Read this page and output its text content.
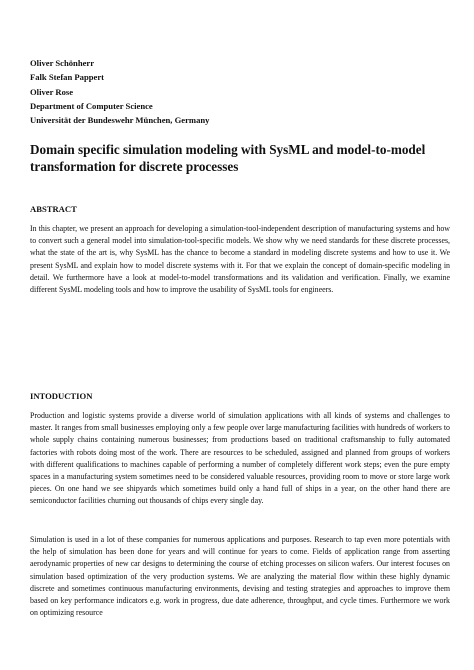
Oliver Schönherr
Falk Stefan Pappert
Oliver Rose
Department of Computer Science
Universität der Bundeswehr München, Germany
Domain specific simulation modeling with SysML and model-to-model transformation for discrete processes
ABSTRACT
In this chapter, we present an approach for developing a simulation-tool-independent description of manufacturing systems and how to convert such a general model into simulation-tool-specific models. We show why we need standards for these discrete processes, what the state of the art is, why SysML has the chance to become a standard in modeling discrete systems and how to use it. We present SysML and explain how to model discrete systems with it. For that we explain the concept of domain-specific modeling in detail. We furthermore have a look at model-to-model transformations and its validation and verification. Finally, we examine different SysML modeling tools and how to improve the usability of SysML tools for engineers.
INTODUCTION
Production and logistic systems provide a diverse world of simulation applications with all kinds of systems and challenges to master. It ranges from small businesses employing only a few people over large manufacturing facilities with hundreds of workers to whole supply chains containing numerous businesses; from productions based on traditional craftsmanship to fully automated factories with robots doing most of the work. There are resources to be scheduled, assigned and planned from groups of workers with different qualifications to machines capable of performing a number of completely different work steps; even the pure empty spaces in a manufacturing system sometimes need to be considered valuable resources, providing room to move or store large work pieces. On one hand we see shipyards which sometimes build only a hand full of ships in a year, on the other hand there are semiconductor facilities churning out thousands of chips every single day.
Simulation is used in a lot of these companies for numerous applications and purposes. Research to tap even more potentials with the help of simulation has been done for years and will continue for years to come. Fields of application range from asserting aerodynamic properties of new car designs to determining the course of etching processes on silicon wafers. Our interest focuses on simulation based optimization of the very production systems. We are analyzing the material flow within these highly dynamic discrete and sometimes continuous manufacturing environments, devising and testing strategies and approaches to improve them based on key performance indicators e.g. work in progress, due date adherence, throughput, and cycle times. Furthermore we work on optimizing resource
